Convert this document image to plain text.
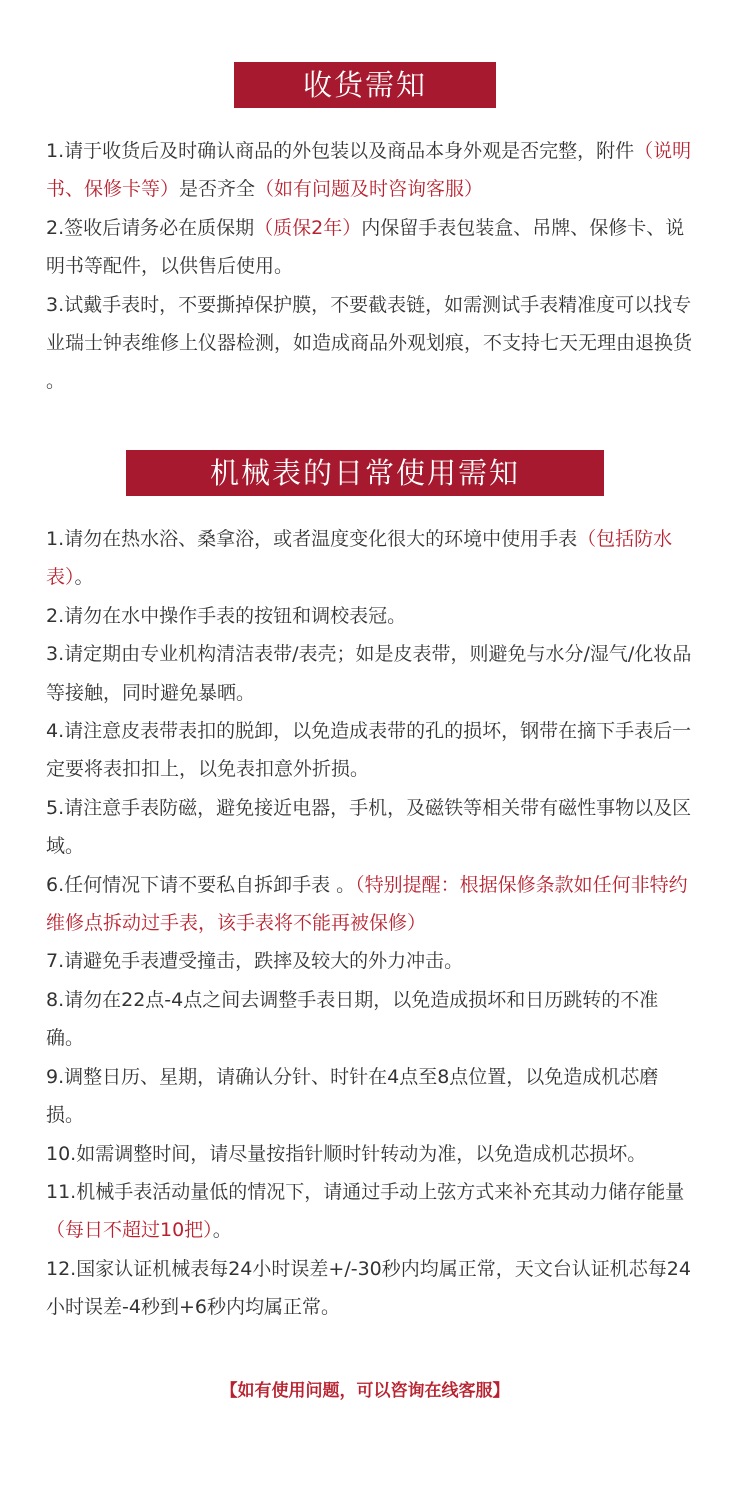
收货需知

1.请于收货后及时确认商品的外包装以及商品本身外观是否完整，附件（说明书、保修卡等）是否齐全（如有问题及时咨询客服）

2.签收后请务必在质保期（质保2年）内保留手表包装盒、吊牌、保修卡、说明书等配件，以供售后使用。

3.试戴手表时，不要撕掉保护膜，不要截表链，如需测试手表精准度可以找专业瑞士钟表维修上仪器检测，如造成商品外观划痕，不支持七天无理由退换货 。

机械表的日常使用需知

1.请勿在热水浴、桑拿浴，或者温度变化很大的环境中使用手表（包括防水表）。

2.请勿在水中操作手表的按钮和调校表冠。

3.请定期由专业机构清洁表带/表壳；如是皮表带，则避免与水分/湿气/化妆品等接触，同时避免暴晒。

4.请注意皮表带表扣的脱卸，以免造成表带的孔的损坏，钢带在摘下手表后一定要将表扣扣上，以免表扣意外折损。

5.请注意手表防磁，避免接近电器，手机，及磁铁等相关带有磁性事物以及区域。

6.任何情况下请不要私自拆卸手表 。（特别提醒：根据保修条款如任何非特约维修点拆动过手表，该手表将不能再被保修）

7.请避免手表遭受撞击，跌摔及较大的外力冲击。

8.请勿在22点-4点之间去调整手表日期，以免造成损坏和日历跳转的不准确。

9.调整日历、星期，请确认分针、时针在4点至8点位置，以免造成机芯磨损。

10.如需调整时间，请尽量按指针顺时针转动为准，以免造成机芯损坏。

11.机械手表活动量低的情况下，请通过手动上弦方式来补充其动力储存能量（每日不超过10把）。

12.国家认证机械表每24小时误差+/-30秒内均属正常，天文台认证机芯每24小时误差-4秒到+6秒内均属正常。

【如有使用问题，可以咨询在线客服】
